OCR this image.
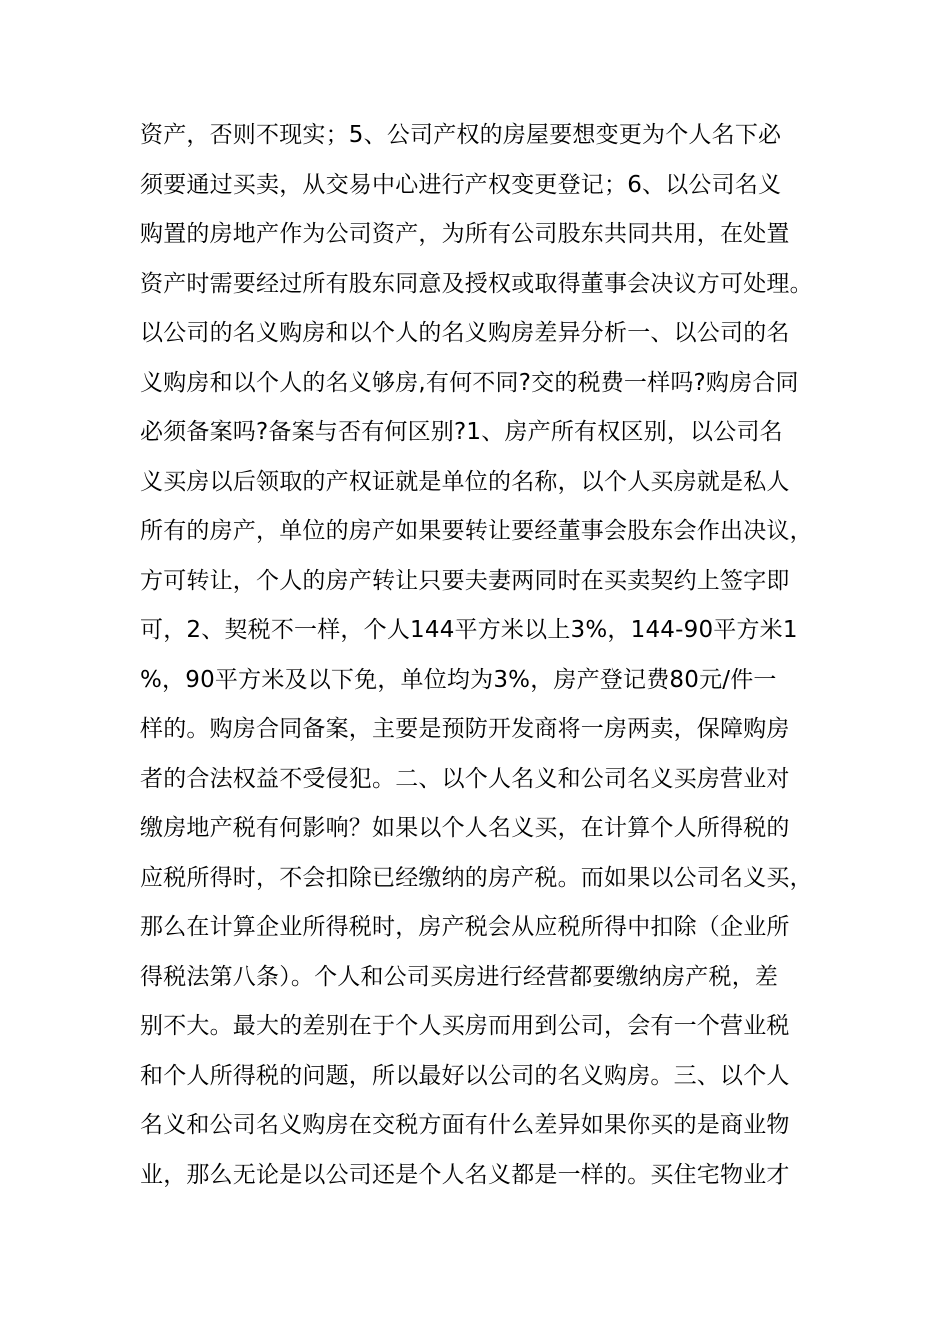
资产，否则不现实；5、公司产权的房屋要想变更为个人名下必
须要通过买卖，从交易中心进行产权变更登记；6、以公司名义
购置的房地产作为公司资产，为所有公司股东共同共用，在处置
资产时需要经过所有股东同意及授权或取得董事会决议方可处理。
以公司的名义购房和以个人的名义购房差异分析一、以公司的名
义购房和以个人的名义够房,有何不同?交的税费一样吗?购房合同
必须备案吗?备案与否有何区别?1、房产所有权区别，以公司名
义买房以后领取的产权证就是单位的名称，以个人买房就是私人
所有的房产，单位的房产如果要转让要经董事会股东会作出决议，
方可转让，个人的房产转让只要夫妻两同时在买卖契约上签字即
可，2、契税不一样，个人144平方米以上3%，144-90平方米1
%，90平方米及以下免，单位均为3%，房产登记费80元/件一
样的。购房合同备案，主要是预防开发商将一房两卖，保障购房
者的合法权益不受侵犯。二、以个人名义和公司名义买房营业对
缴房地产税有何影响？如果以个人名义买，在计算个人所得税的
应税所得时，不会扣除已经缴纳的房产税。而如果以公司名义买，
那么在计算企业所得税时，房产税会从应税所得中扣除（企业所
得税法第八条）。个人和公司买房进行经营都要缴纳房产税，差
别不大。最大的差别在于个人买房而用到公司，会有一个营业税
和个人所得税的问题，所以最好以公司的名义购房。三、以个人
名义和公司名义购房在交税方面有什么差异如果你买的是商业物
业，那么无论是以公司还是个人名义都是一样的。买住宅物业才
